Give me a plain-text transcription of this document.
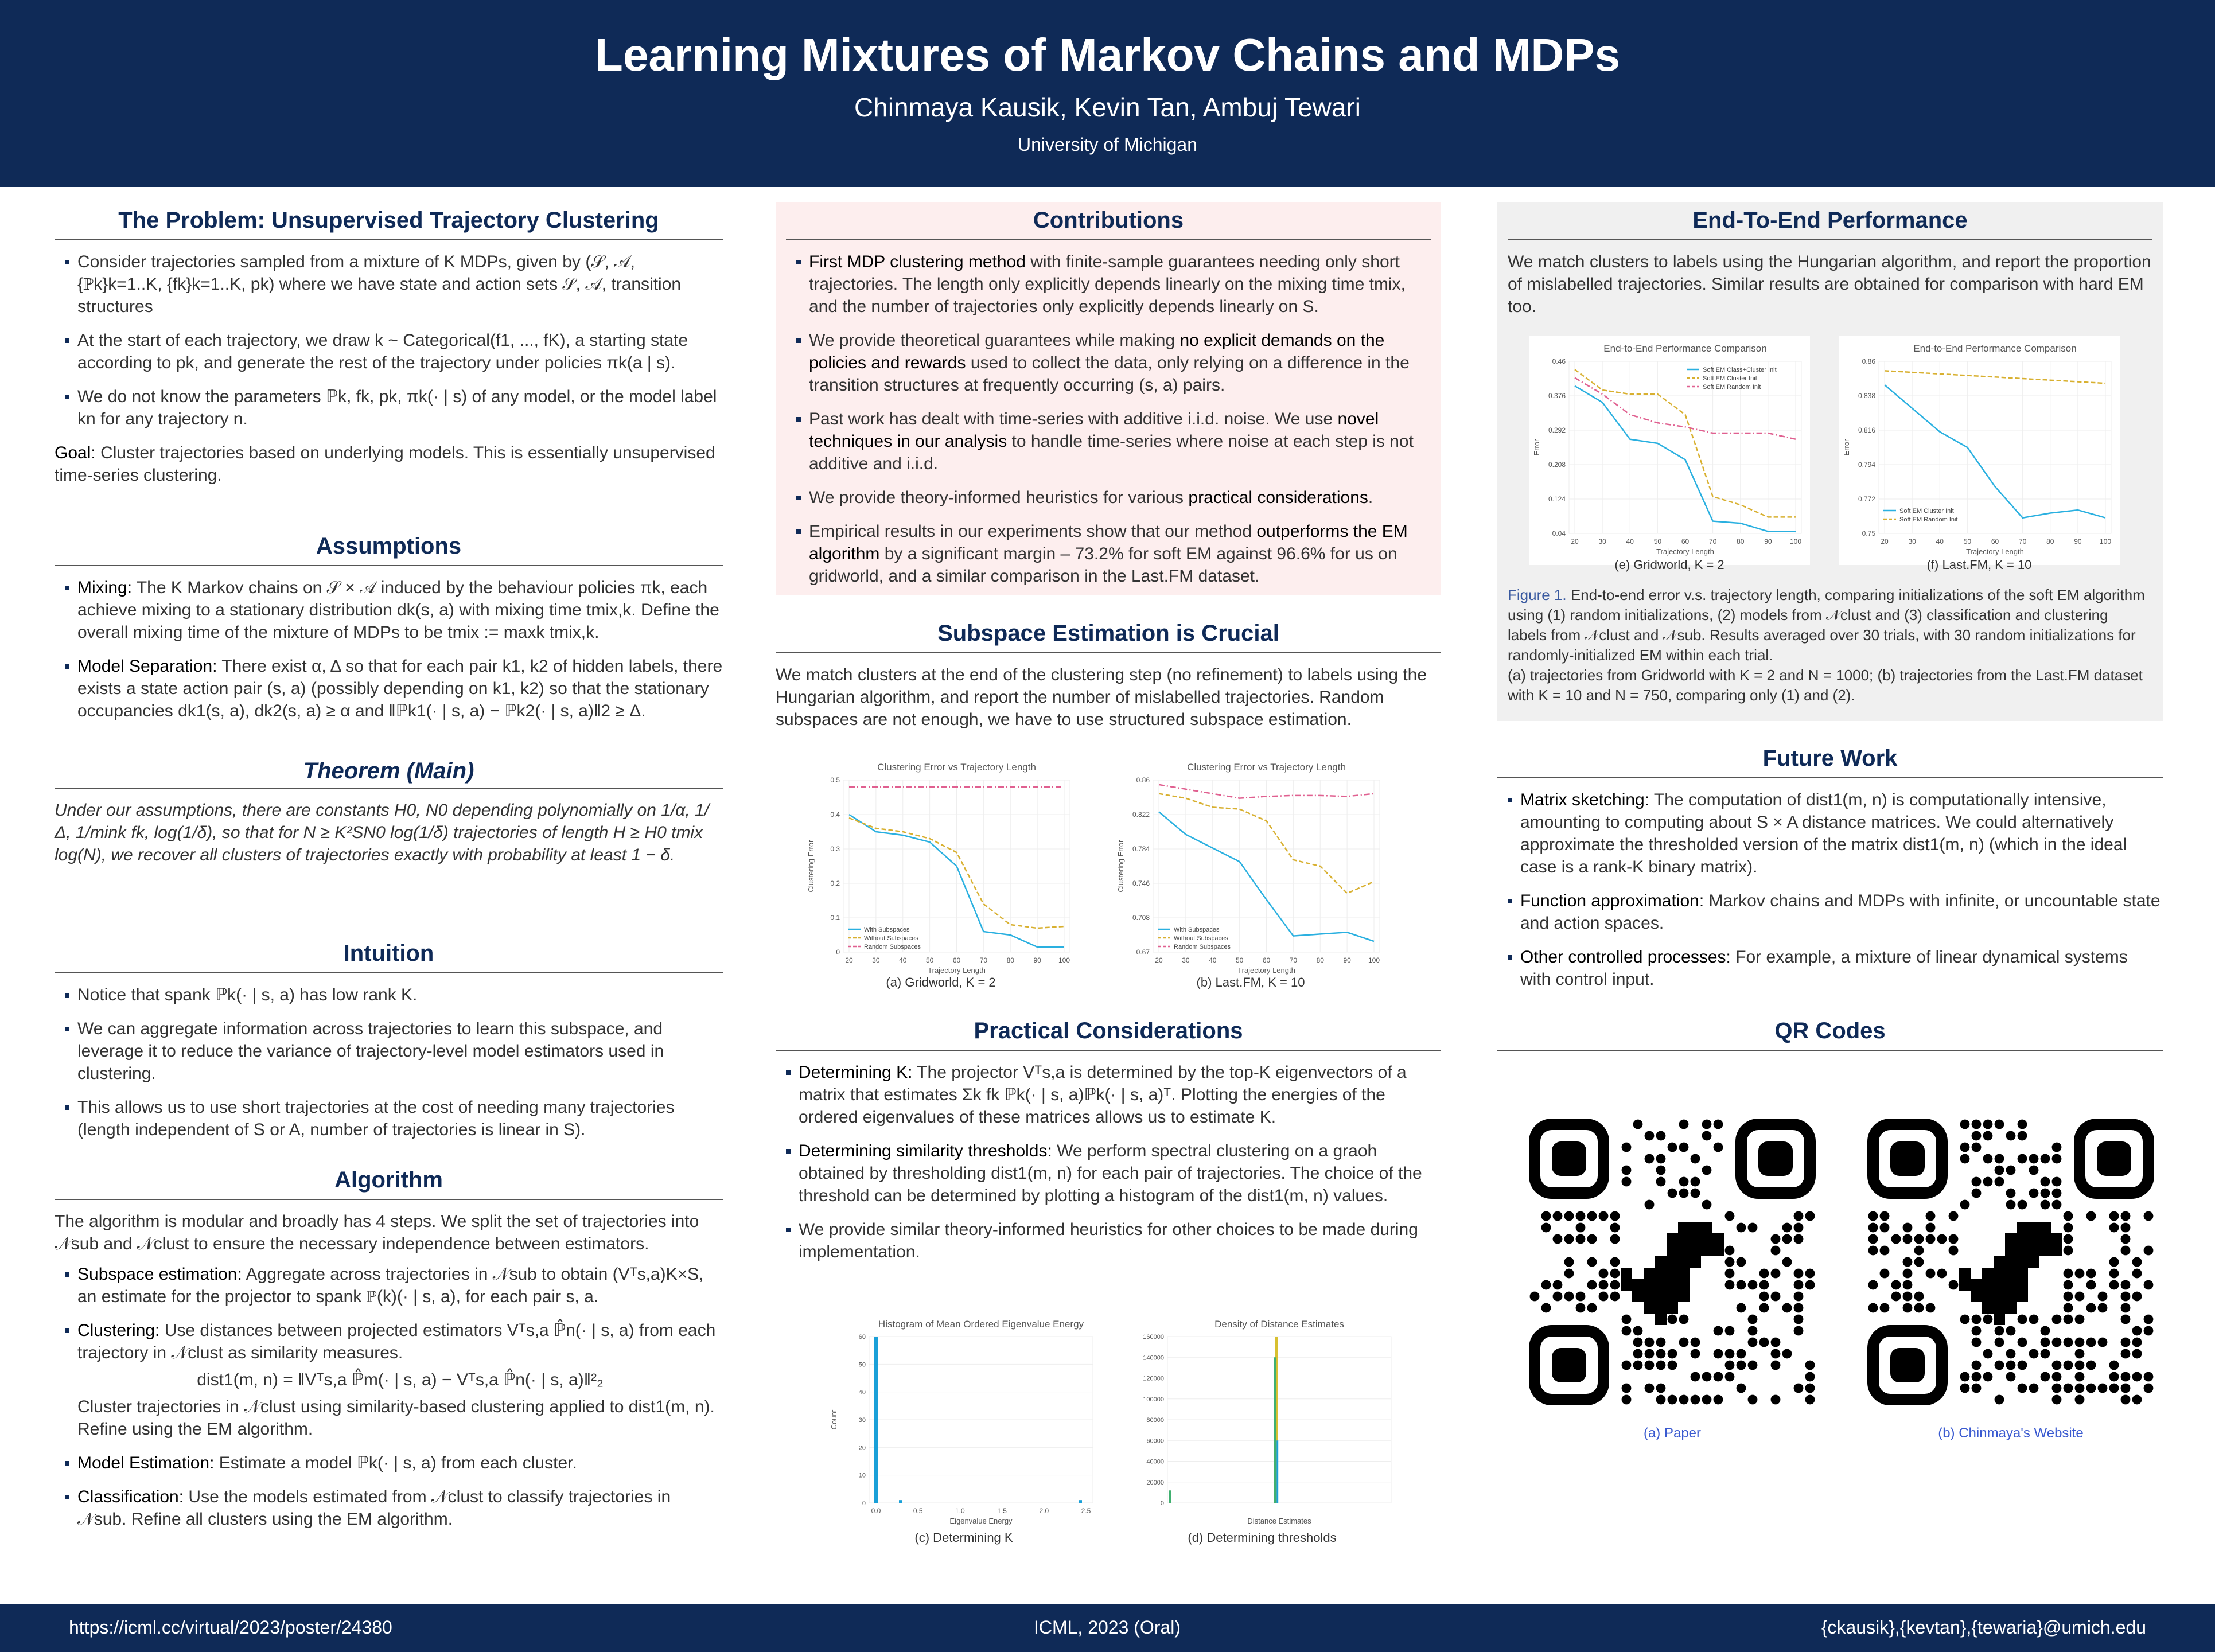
Learning Mixtures of Markov Chains and MDPs
Chinmaya Kausik, Kevin Tan, Ambuj Tewari
University of Michigan
The Problem: Unsupervised Trajectory Clustering
Consider trajectories sampled from a mixture of K MDPs, given by (𝒮, 𝒜, {ℙk}k=1..K, {fk}k=1..K, pk) where we have state and action sets 𝒮, 𝒜, transition structures
At the start of each trajectory, we draw k ~ Categorical(f1, ..., fK), a starting state according to pk, and generate the rest of the trajectory under policies πk(a | s).
We do not know the parameters ℙk, fk, pk, πk(· | s) of any model, or the model label kn for any trajectory n.

Goal: Cluster trajectories based on underlying models. This is essentially unsupervised time-series clustering.

Assumptions
Mixing: The K Markov chains on 𝒮 × 𝒜 induced by the behaviour policies πk, each achieve mixing to a stationary distribution dk(s, a) with mixing time tmix,k. Define the overall mixing time of the mixture of MDPs to be tmix := maxk tmix,k.
Model Separation: There exist α, Δ so that for each pair k1, k2 of hidden labels, there exists a state action pair (s, a) (possibly depending on k1, k2) so that the stationary occupancies dk1(s, a), dk2(s, a) ≥ α and ‖ℙk1(· | s, a) − ℙk2(· | s, a)‖2 ≥ Δ.
Theorem (Main)

Under our assumptions, there are constants H0, N0 depending polynomially on 1/α, 1/Δ, 1/mink fk, log(1/δ), so that for N ≥ K²SN0 log(1/δ) trajectories of length H ≥ H0 tmix log(N), we recover all clusters of trajectories exactly with probability at least 1 − δ.

Intuition
Notice that spank ℙk(· | s, a) has low rank K.
We can aggregate information across trajectories to learn this subspace, and leverage it to reduce the variance of trajectory-level model estimators used in clustering.
This allows us to use short trajectories at the cost of needing many trajectories (length independent of S or A, number of trajectories is linear in S).
Algorithm

The algorithm is modular and broadly has 4 steps. We split the set of trajectories into 𝒩sub and 𝒩clust to ensure the necessary independence between estimators.

Subspace estimation: Aggregate across trajectories in 𝒩sub to obtain (Vᵀs,a)K×S, an estimate for the projector to spank ℙ(k)(· | s, a), for each pair s, a.
Clustering: Use distances between projected estimators Vᵀs,a ℙ̂n(· | s, a) from each trajectory in 𝒩clust as similarity measures.
dist1(m, n) = ‖Vᵀs,a ℙ̂m(· | s, a) − Vᵀs,a ℙ̂n(· | s, a)‖²₂
Cluster trajectories in 𝒩clust using similarity-based clustering applied to dist1(m, n). Refine using the EM algorithm.
Model Estimation: Estimate a model ℙk(· | s, a) from each cluster.
Classification: Use the models estimated from 𝒩clust to classify trajectories in 𝒩sub. Refine all clusters using the EM algorithm.
Contributions
First MDP clustering method with finite-sample guarantees needing only short trajectories. The length only explicitly depends linearly on the mixing time tmix, and the number of trajectories only explicitly depends linearly on S.
We provide theoretical guarantees while making no explicit demands on the policies and rewards used to collect the data, only relying on a difference in the transition structures at frequently occurring (s, a) pairs.
Past work has dealt with time-series with additive i.i.d. noise. We use novel techniques in our analysis to handle time-series where noise at each step is not additive and i.i.d.
We provide theory-informed heuristics for various practical considerations.
Empirical results in our experiments show that our method outperforms the EM algorithm by a significant margin – 73.2% for soft EM against 96.6% for us on gridworld, and a similar comparison in the Last.FM dataset.
Subspace Estimation is Crucial

We match clusters at the end of the clustering step (no refinement) to labels using the Hungarian algorithm, and report the number of mislabelled trajectories. Random subspaces are not enough, we have to use structured subspace estimation.

Clustering Error vs Trajectory Length
20	30	40	50	60	70	80	90	100
0
0.1
0.2
0.3
0.4
0.5
Trajectory Length
Clustering Error
With Subspaces
Without Subspaces
Random Subspaces
Clustering Error vs Trajectory Length
20	30	40	50	60	70	80	90	100
0.67
0.708
0.746
0.784
0.822
0.86
Trajectory Length
Clustering Error
With Subspaces
Without Subspaces
Random Subspaces
(a) Gridworld, K = 2	(b) Last.FM, K = 10
Practical Considerations
Determining K: The projector Vᵀs,a is determined by the top-K eigenvectors of a matrix that estimates Σk fk ℙk(· | s, a)ℙk(· | s, a)ᵀ. Plotting the energies of the ordered eigenvalues of these matrices allows us to estimate K.
Determining similarity thresholds: We perform spectral clustering on a graoh obtained by thresholding dist1(m, n) for each pair of trajectories. The choice of the threshold can be determined by plotting a histogram of the dist1(m, n) values.
We provide similar theory-informed heuristics for other choices to be made during implementation.
Histogram of Mean Ordered Eigenvalue Energy
0
10
20
30
40
50
60
0.0	0.5	1.0	1.5	2.0	2.5
Eigenvalue Energy
Count
Density of Distance Estimates
0
20000
40000
60000
80000
100000
120000
140000
160000
Distance Estimates
(c) Determining K	(d) Determining thresholds
End-To-End Performance

We match clusters to labels using the Hungarian algorithm, and report the proportion of mislabelled trajectories. Similar results are obtained for comparison with hard EM too.

End-to-End Performance Comparison
20	30	40	50	60	70	80	90	100
0.04
0.124
0.208
0.292
0.376
0.46
Trajectory Length
Error
Soft EM Class+Cluster Init
Soft EM Cluster Init
Soft EM Random Init
End-to-End Performance Comparison
20	30	40	50	60	70	80	90	100
0.75
0.772
0.794
0.816
0.838
0.86
Trajectory Length
Error
Soft EM Cluster Init
Soft EM Random Init
(e) Gridworld, K = 2	(f) Last.FM, K = 10
Figure 1. End-to-end error v.s. trajectory length, comparing initializations of the soft EM algorithm using (1) random initializations, (2) models from 𝒩clust and (3) classification and clustering labels from 𝒩clust and 𝒩sub. Results averaged over 30 trials, with 30 random initializations for randomly-initialized EM within each trial.
(a) trajectories from Gridworld with K = 2 and N = 1000; (b) trajectories from the Last.FM dataset with K = 10 and N = 750, comparing only (1) and (2).
Future Work
Matrix sketching: The computation of dist1(m, n) is computationally intensive, amounting to computing about S × A distance matrices. We could alternatively approximate the thresholded version of the matrix dist1(m, n) (which in the ideal case is a rank-K binary matrix).
Function approximation: Markov chains and MDPs with infinite, or uncountable state and action spaces.
Other controlled processes: For example, a mixture of linear dynamical systems with control input.
QR Codes
(a) Paper	(b) Chinmaya's Website
https://icml.cc/virtual/2023/poster/24380	ICML, 2023 (Oral)	{ckausik},{kevtan},{tewaria}@umich.edu
